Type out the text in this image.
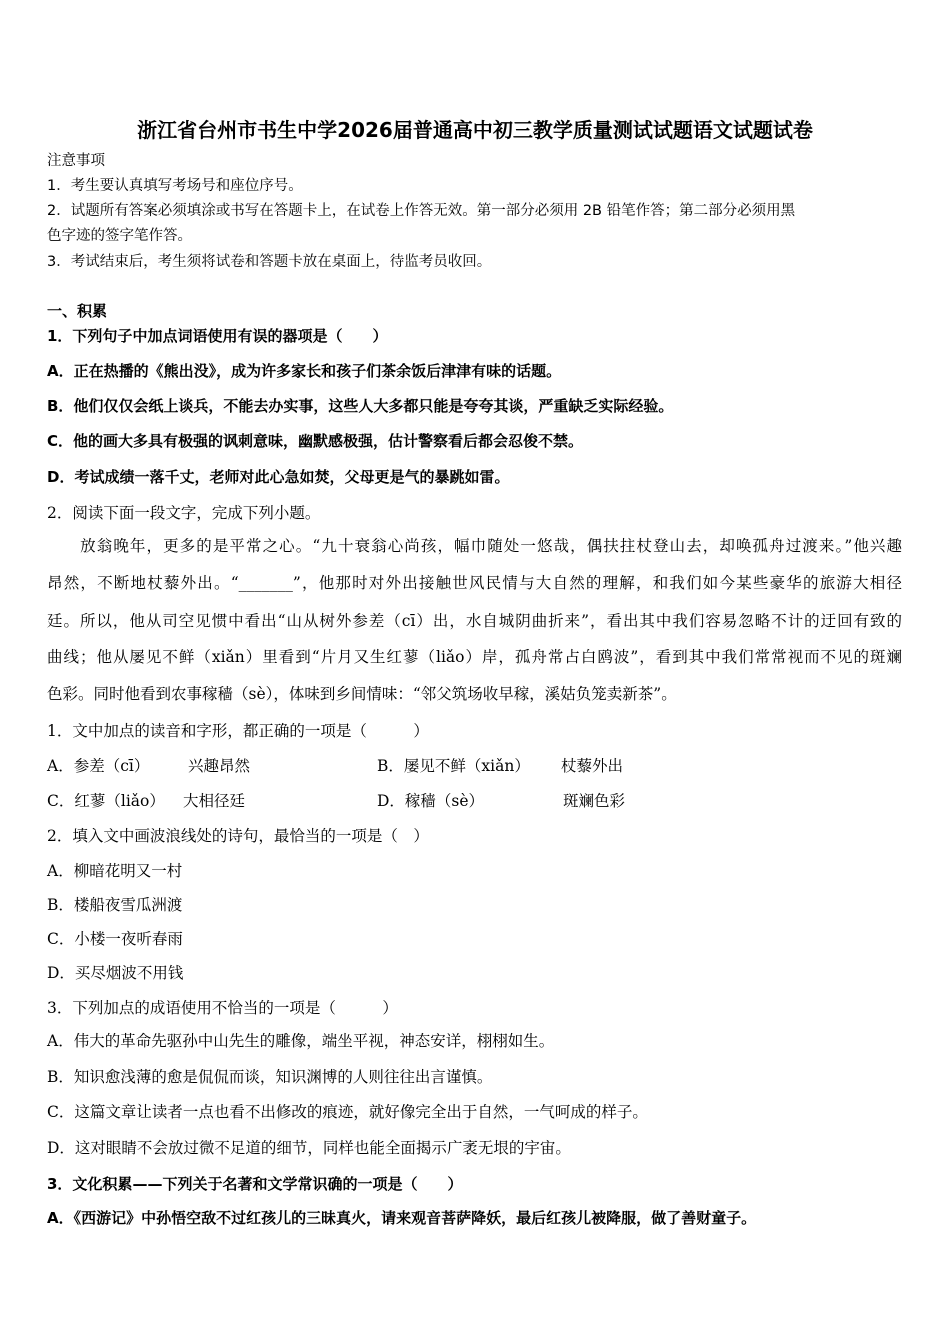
浙江省台州市书生中学2026届普通高中初三教学质量测试试题语文试题试卷
注意事项
1．考生要认真填写考场号和座位序号。
2．试题所有答案必须填涂或书写在答题卡上，在试卷上作答无效。第一部分必须用 2B 铅笔作答；第二部分必须用黑
色字迹的签字笔作答。
3．考试结束后，考生须将试卷和答题卡放在桌面上，待监考员收回。
一、积累
1．下列句子中加点词语使用有误的器项是（　　）
A．正在热播的《熊出没》，成为许多家长和孩子们茶余饭后津津有味的话题。
B．他们仅仅会纸上谈兵，不能去办实事，这些人大多都只能是夸夸其谈，严重缺乏实际经验。
C．他的画大多具有极强的讽刺意味，幽默感极强，估计警察看后都会忍俊不禁。
D．考试成绩一落千丈，老师对此心急如焚，父母更是气的暴跳如雷。
2．阅读下面一段文字，完成下列小题。
　　放翁晚年，更多的是平常之心。“九十衰翁心尚孩，幅巾随处一悠哉，偶扶拄杖登山去，却唤孤舟过渡来。”他兴趣
昂然，不断地杖藜外出。“_______”，他那时对外出接触世风民情与大自然的理解，和我们如今某些豪华的旅游大相径
廷。所以，他从司空见惯中看出“山从树外参差（cī）出，水自城阴曲折来”，看出其中我们容易忽略不计的迂回有致的
曲线；他从屡见不鲜（xiǎn）里看到“片月又生红蓼（liǎo）岸，孤舟常占白鸥波”，看到其中我们常常视而不见的斑斓
色彩。同时他看到农事稼穑（sè），体味到乡间情味：“邻父筑场收早稼，溪姑负笼卖新茶”。
1．文中加点的读音和字形，都正确的一项是（　　　）
A．参差（cī） 兴趣昂然	B．屡见不鲜（xiǎn） 杖藜外出
C．红蓼（liǎo） 大相径廷	D．稼穑（sè）	斑斓色彩
2．填入文中画波浪线处的诗句，最恰当的一项是（　）
A．柳暗花明又一村
B．楼船夜雪瓜洲渡
C．小楼一夜听春雨
D．买尽烟波不用钱
3．下列加点的成语使用不恰当的一项是（　　　）
A．伟大的革命先驱孙中山先生的雕像，端坐平视，神态安详，栩栩如生。
B．知识愈浅薄的愈是侃侃而谈，知识渊博的人则往往出言谨慎。
C．这篇文章让读者一点也看不出修改的痕迹，就好像完全出于自然，一气呵成的样子。
D．这对眼睛不会放过微不足道的细节，同样也能全面揭示广袤无垠的宇宙。
3．文化积累——下列关于名著和文学常识确的一项是（　　）
A．《西游记》中孙悟空敌不过红孩儿的三昧真火，请来观音菩萨降妖，最后红孩儿被降服，做了善财童子。
